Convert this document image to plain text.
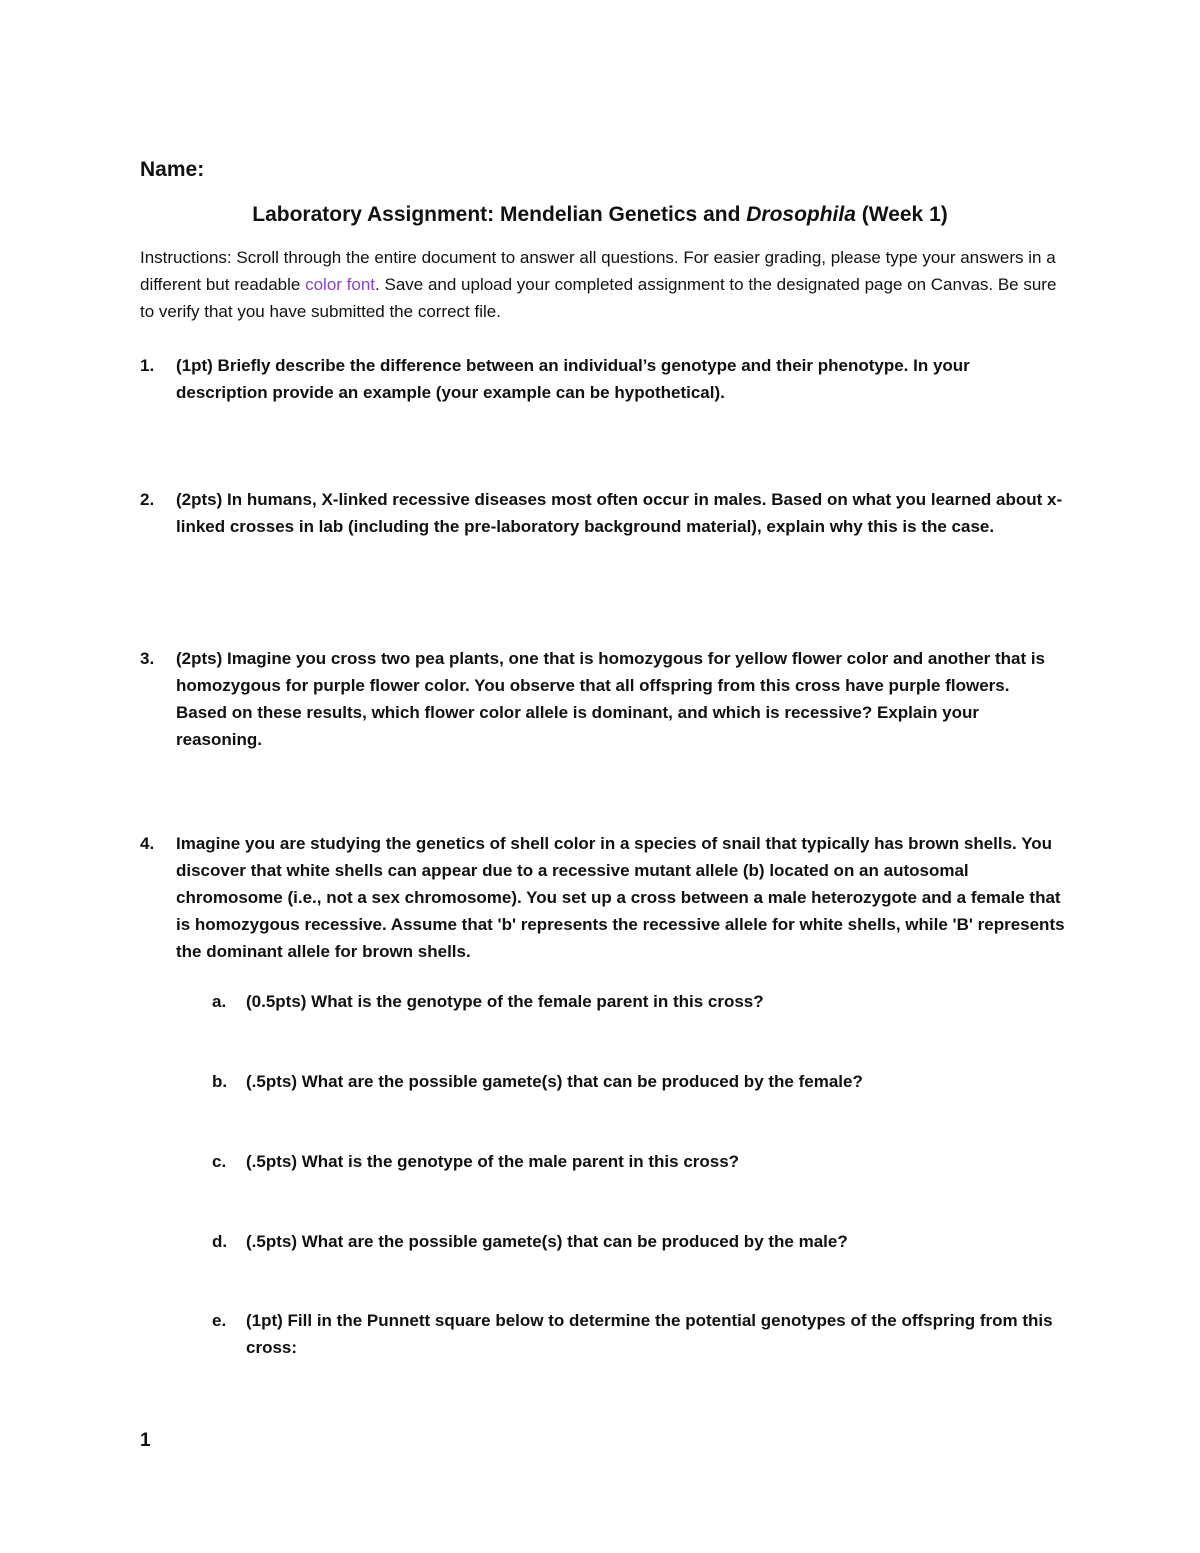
Name:
Laboratory Assignment: Mendelian Genetics and Drosophila (Week 1)
Instructions: Scroll through the entire document to answer all questions. For easier grading, please type your answers in a different but readable color font. Save and upload your completed assignment to the designated page on Canvas. Be sure to verify that you have submitted the correct file.
1.	(1pt) Briefly describe the difference between an individual’s genotype and their phenotype. In your description provide an example (your example can be hypothetical).
2.	(2pts) In humans, X-linked recessive diseases most often occur in males. Based on what you learned about x-linked crosses in lab (including the pre-laboratory background material), explain why this is the case.
3.	(2pts) Imagine you cross two pea plants, one that is homozygous for yellow flower color and another that is homozygous for purple flower color. You observe that all offspring from this cross have purple flowers. Based on these results, which flower color allele is dominant, and which is recessive? Explain your reasoning.
4.	Imagine you are studying the genetics of shell color in a species of snail that typically has brown shells. You discover that white shells can appear due to a recessive mutant allele (b) located on an autosomal chromosome (i.e., not a sex chromosome). You set up a cross between a male heterozygote and a female that is homozygous recessive. Assume that 'b' represents the recessive allele for white shells, while 'B' represents the dominant allele for brown shells.
a.	(0.5pts) What is the genotype of the female parent in this cross?
b.	(.5pts) What are the possible gamete(s) that can be produced by the female?
c.	(.5pts) What is the genotype of the male parent in this cross?
d.	(.5pts) What are the possible gamete(s) that can be produced by the male?
e.	(1pt) Fill in the Punnett square below to determine the potential genotypes of the offspring from this cross:
1
